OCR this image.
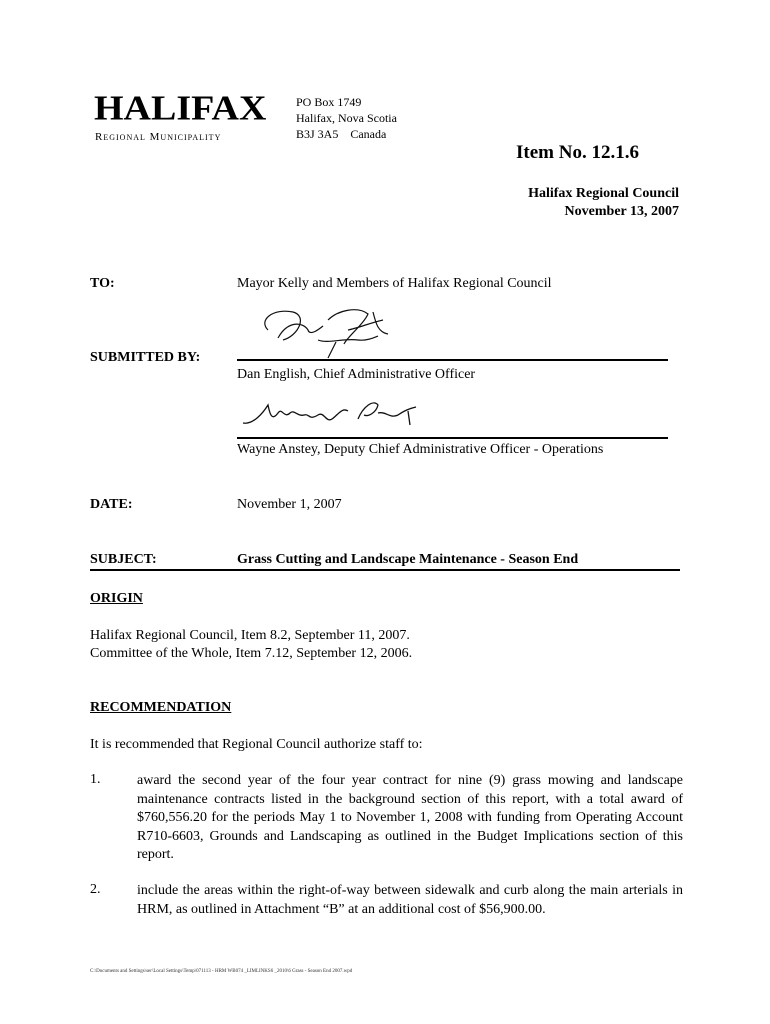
HALIFAX
Regional Municipality
PO Box 1749
Halifax, Nova Scotia
B3J 3A5    Canada
Item No. 12.1.6
Halifax Regional Council
November 13, 2007
TO:	Mayor Kelly and Members of Halifax Regional Council
SUBMITTED BY:
Dan English, Chief Administrative Officer
Wayne Anstey, Deputy Chief Administrative Officer - Operations
DATE:	November 1, 2007
SUBJECT:	Grass Cutting and Landscape Maintenance - Season End
ORIGIN
Halifax Regional Council, Item 8.2, September 11, 2007.
Committee of the Whole, Item 7.12, September 12, 2006.
RECOMMENDATION
It is recommended that Regional Council authorize staff to:
1.	award the second year of the four year contract for nine (9) grass mowing and landscape maintenance contracts listed in the background section of this report, with a total award of $760,556.20 for the periods May 1 to November 1, 2008 with funding from Operating Account R710-6603, Grounds and Landscaping as outlined in the Budget Implications section of this report.
2.	include the areas within the right-of-way between sidewalk and curb along the main arterials in HRM, as outlined in Attachment “B” at an additional cost of $56,900.00.
C:\Documents and Settings\ser\Local Settings\Temp\071113 - HRM WB074 _LIMLINKS6 _2010\6 Grass - Season End 2007.wpd
